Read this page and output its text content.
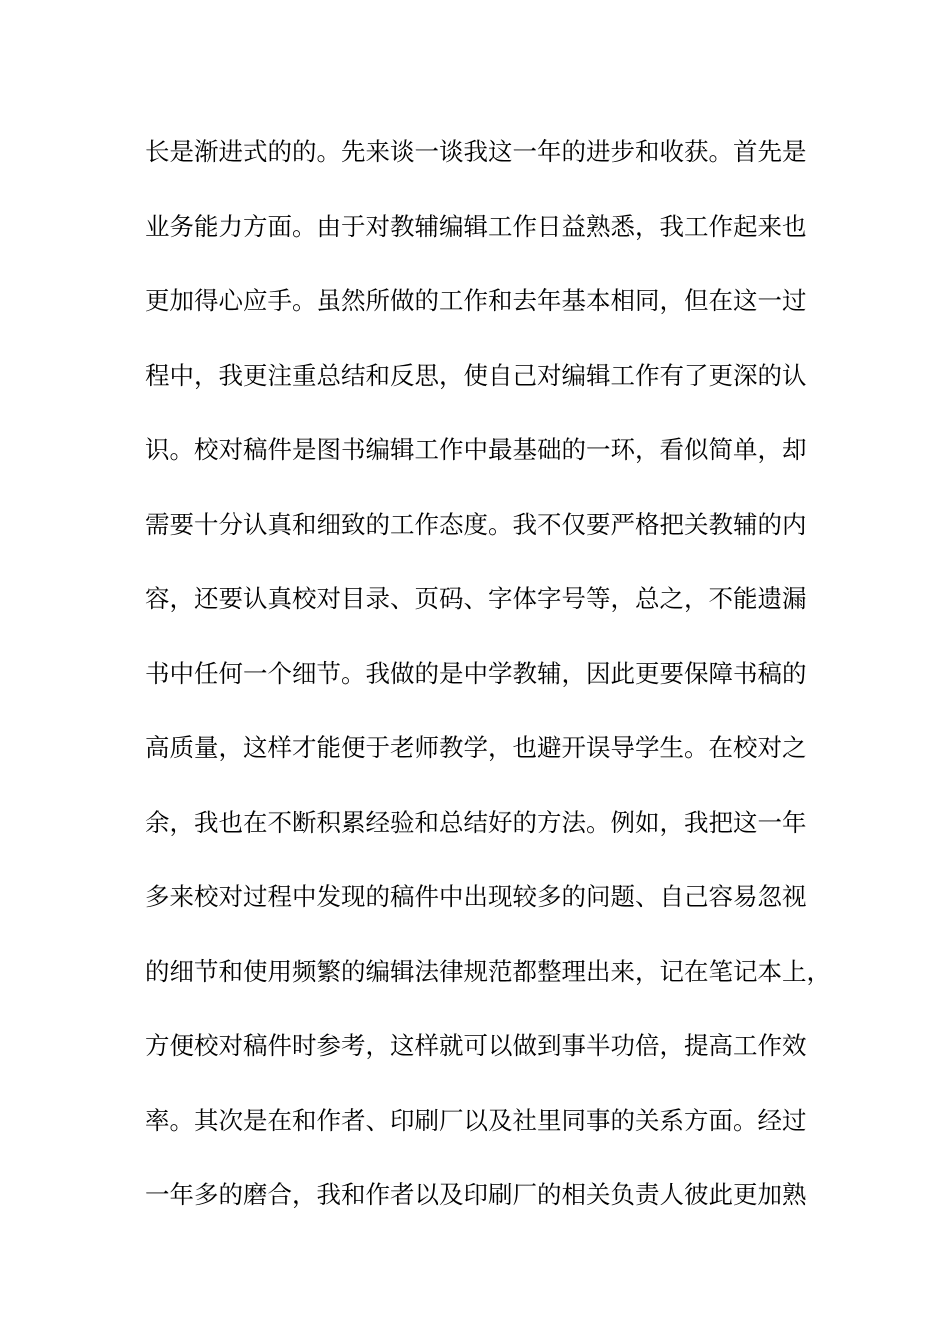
长是渐进式的的。先来谈一谈我这一年的进步和收获。首先是
业务能力方面。由于对教辅编辑工作日益熟悉，我工作起来也
更加得心应手。虽然所做的工作和去年基本相同，但在这一过
程中，我更注重总结和反思，使自己对编辑工作有了更深的认
识。校对稿件是图书编辑工作中最基础的一环，看似简单，却
需要十分认真和细致的工作态度。我不仅要严格把关教辅的内
容，还要认真校对目录、页码、字体字号等，总之，不能遗漏
书中任何一个细节。我做的是中学教辅，因此更要保障书稿的
高质量，这样才能便于老师教学，也避开误导学生。在校对之
余，我也在不断积累经验和总结好的方法。例如，我把这一年
多来校对过程中发现的稿件中出现较多的问题、自己容易忽视
的细节和使用频繁的编辑法律规范都整理出来，记在笔记本上，
方便校对稿件时参考，这样就可以做到事半功倍，提高工作效
率。其次是在和作者、印刷厂以及社里同事的关系方面。经过
一年多的磨合，我和作者以及印刷厂的相关负责人彼此更加熟
